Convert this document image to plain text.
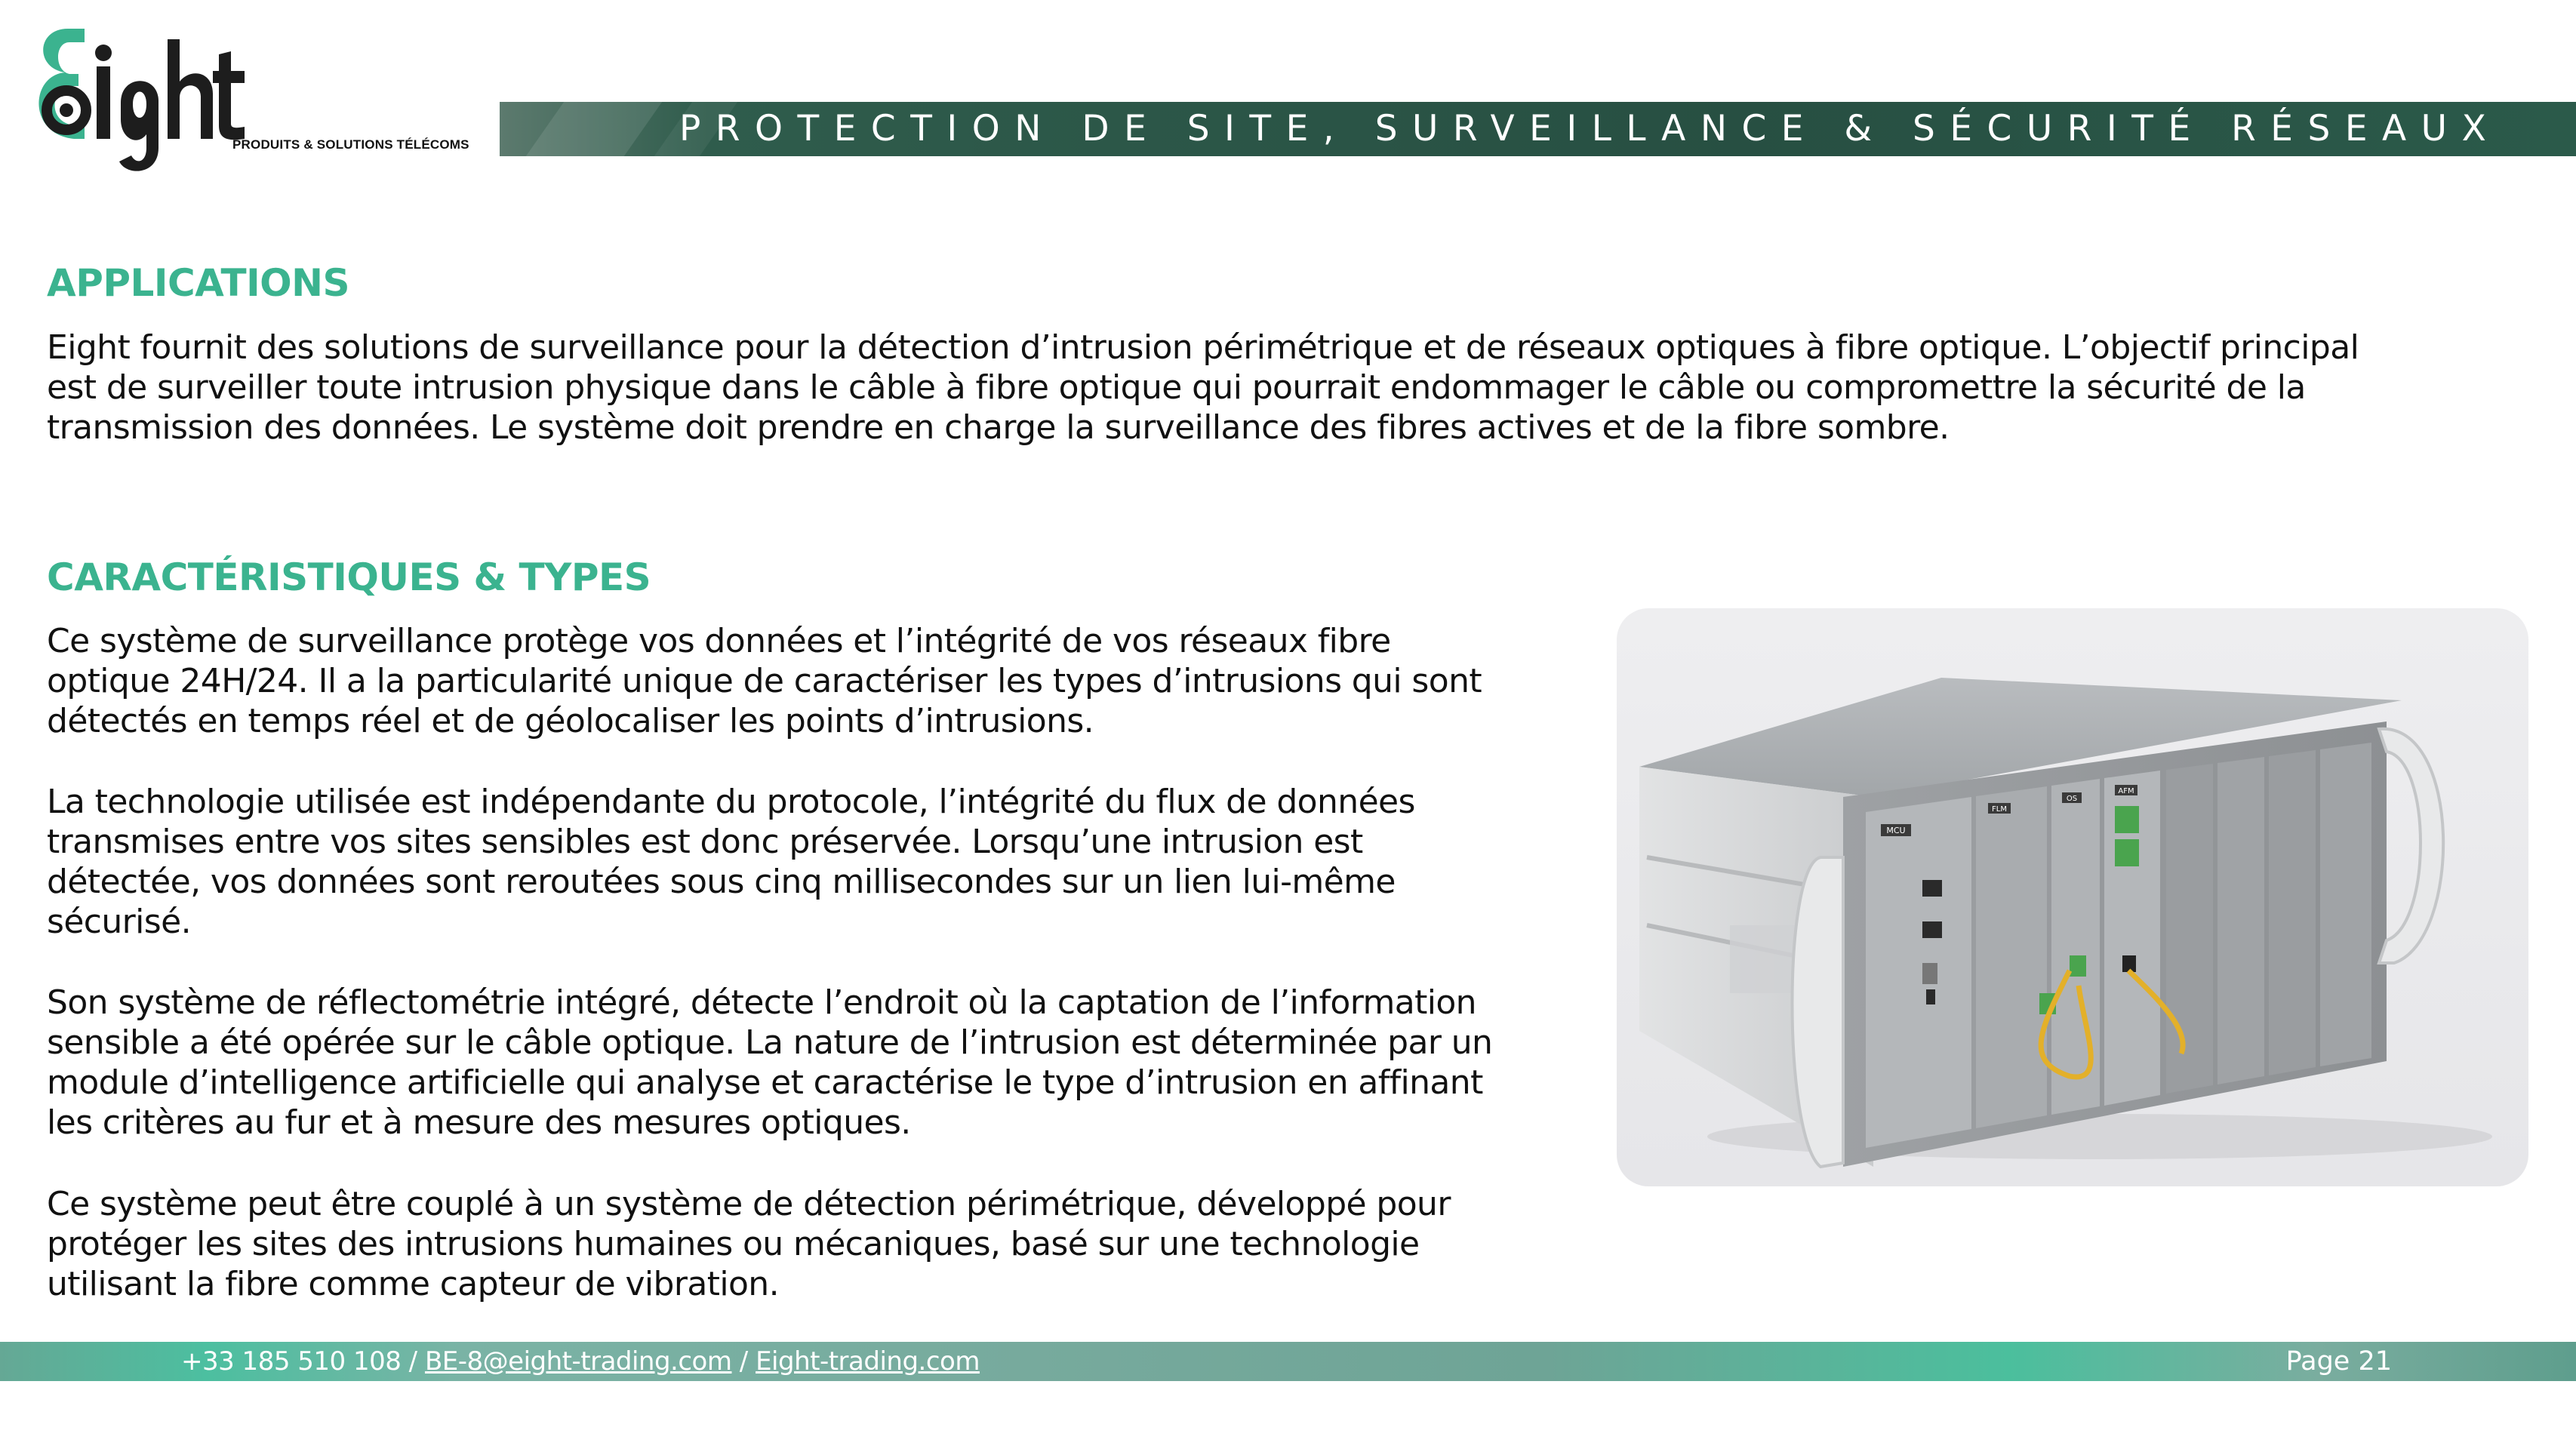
PRODUITS & SOLUTIONS TÉLÉCOMS	PROTECTION DE SITE, SURVEILLANCE & SÉCURITÉ RÉSEAUX
APPLICATIONS

Eight fournit des solutions de surveillance pour la détection d’intrusion périmétrique et de réseaux optiques à fibre optique. L’objectif principal

est de surveiller toute intrusion physique dans le câble à fibre optique qui pourrait endommager le câble ou compromettre la sécurité de la

transmission des données. Le système doit prendre en charge la surveillance des fibres actives et de la fibre sombre.

CARACTÉRISTIQUES & TYPES

Ce système de surveillance protège vos données et l’intégrité de vos réseaux fibre

optique 24H/24. Il a la particularité unique de caractériser les types d’intrusions qui sont

détectés en temps réel et de géolocaliser les points d’intrusions.

La technologie utilisée est indépendante du protocole, l’intégrité du flux de données

transmises entre vos sites sensibles est donc préservée. Lorsqu’une intrusion est

détectée, vos données sont reroutées sous cinq millisecondes sur un lien lui-même

sécurisé.

Son système de réflectométrie intégré, détecte l’endroit où la captation de l’information

sensible a été opérée sur le câble optique. La nature de l’intrusion est déterminée par un

module d’intelligence artificielle qui analyse et caractérise le type d’intrusion en affinant

les critères au fur et à mesure des mesures optiques.

Ce système peut être couplé à un système de détection périmétrique, développé pour

protéger les sites des intrusions humaines ou mécaniques, basé sur une technologie

utilisant la fibre comme capteur de vibration.

MCU
FLM
OS
AFM
+33 185 510 108 / BE-8@eight-trading.com / Eight-trading.com	Page 21
